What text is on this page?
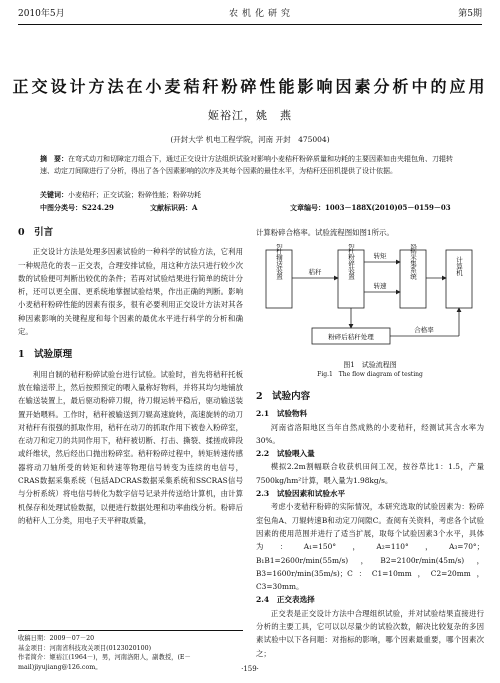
2010年5月	农机化研究	第5期
正交设计方法在小麦秸秆粉碎性能影响因素分析中的应用
姬裕江，姚　燕
(开封大学 机电工程学院，河南 开封　475004)
摘　要：在弯式动刀和切障定刀组合下，通过正交设计方法组织试验对影响小麦秸秆粉碎质量和功耗的主要因素如由夹辊包角、刀辊转速、动定刀间隙进行了分析，得出了各个因素影响的次序及其每个因素的最佳水平，为秸秆还田机提供了设计依据。
关键词：小麦秸秆；正交试验；粉碎性能；粉碎功耗
中图分类号：S224.29	文献标识码：A	文章编号：1003－188X(2010)05－0159－03
0　引言
正交设计方法是处理多因素试验的一种科学的试验方法，它利用一种规范化的表－正交表，合理安排试验，用这种方法只进行较少次数的试验便可判断出较优的条件；若再对试验结果进行简单的统计分析，还可以更全面、更系统地掌握试验结果，作出正确的判断。影响小麦秸秆粉碎性能的因素有很多，很有必要利用正交设计方法对其各种因素影响的关键程度和每个因素的最优水平进行科学的分析和确定。
1　试验原理
利用自制的秸秆粉碎试验台进行试验。试验时，首先将秸秆托板放在输送带上，然后按照预定的喂入量称好物料，并将其均匀地铺放在输送装置上，最后驱动粉碎刀辊，待刀辊运转平稳后，驱动输送装置开始喂料。工作时，秸秆被输送到刀辊高速旋转，高速旋转的动刀对秸秆有很强的抓取作用，秸秆在动刀的抓取作用下被卷入粉碎室，在动刀和定刀的共同作用下，秸秆被切断、打击、撕裂、揉搓成碎段或纤维状，然后经出口抛出粉碎室。秸秆粉碎过程中，转矩转速传感器将动刀轴所受的转矩和转速等物理信号转变为连续的电信号，CRAS数据采集系统（包括ADCRAS数据采集系统和SSCRAS信号与分析系统）将电信号转化为数字信号记录并传送给计算机，由计算机保存和处理试验数据，以便进行数据处理和功率曲线分析。粉碎后的秸秆人工分类，用电子天平秤取质量，
收稿日期：2009－07－20
基金项目：河南省科技攻关项目(0123020100)
作者简介：姬裕江(1964－)，男，河南洛阳人，副教授，(E－mail)jiyujiang@126.com。
计算粉碎合格率。试验流程图如图1所示。
秸秆输送装置	秸秆	秸秆粉碎装置	转矩
转速
数据采集系统	计算机
粉碎后秸秆处理
合格率
图1　试验流程图
Fig.1　The flow diagram of testing
2　试验内容
2.1　试验物料
河南省洛阳地区当年自然成熟的小麦秸秆，经测试其含水率为30%。
2.2　试验喂入量
模拟2.2m割幅联合收获机田间工况，按谷草比1：1.5，产量7500kg/hm²计算，喂入量为1.98kg/s。
2.3　试验因素和试验水平
考虑小麦秸秆粉碎的实际情况，本研究选取的试验因素为：粉碎室包角A、刀辊转速B和动定刀间隙C。查阅有关资料，考虑各个试验因素的使用范围并进行了适当扩展，取每个试验因素3个水平，具体为：A₁=150°，A₂=110°，A₃=70°；B₁B1=2600r/min(55m/s)，B2=2100r/min(45m/s)，B3=1600r/min(35m/s)；C：C1=10mm，C2=20mm，C3=30mm。
2.4　正交表选择
正交表是正交设计方法中合理组织试验，并对试验结果直接进行分析的主要工具，它可以以尽量少的试验次数，解决比较复杂的多因素试验中以下各问题：对指标的影响，哪个因素最重要，哪个因素次之；
·159·
